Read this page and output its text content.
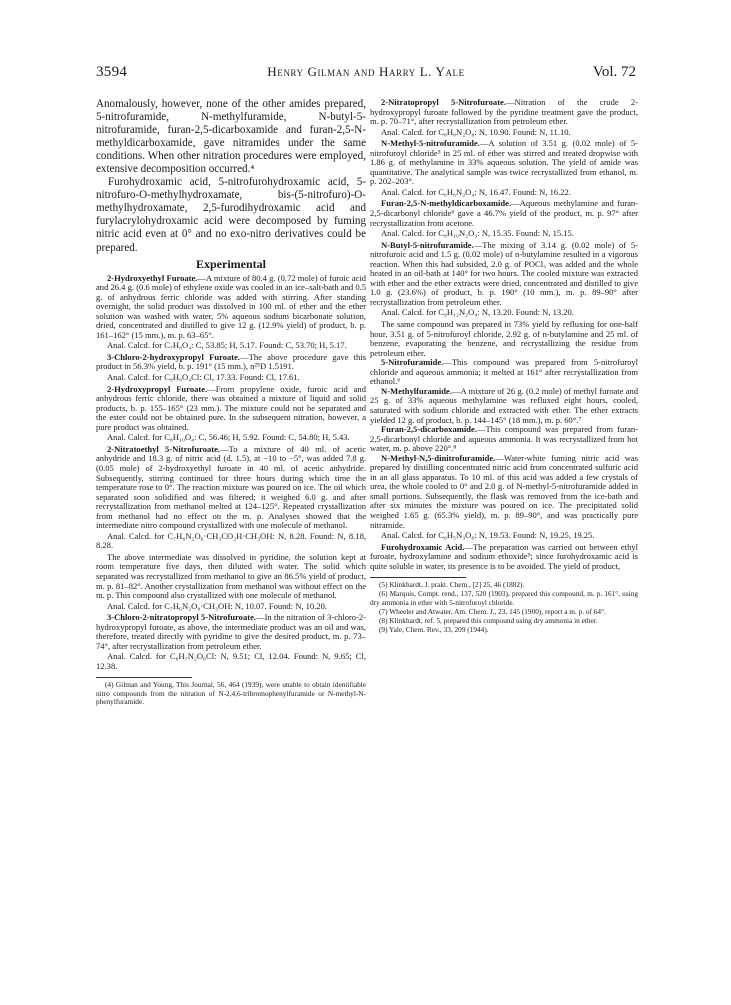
3594	Henry Gilman and Harry L. Yale	Vol. 72

Anomalously, however, none of the other amides prepared, 5-nitrofuramide, N-methylfuramide, N-butyl-5-nitrofuramide, furan-2,5-dicarboxamide and furan-2,5-N-methyldicarboxamide, gave nitramides under the same conditions. When other nitration procedures were employed, extensive decomposition occurred.⁴

Furohydroxamic acid, 5-nitrofurohydroxamic acid, 5-nitrofuro-O-methylhydroxamate, bis-(5-nitrofuro)-O-methylhydroxamate, 2,5-furodihydroxamic acid and furylacrylohydroxamic acid were decomposed by fuming nitric acid even at 0° and no exo-nitro derivatives could be prepared.

Experimental

2-Hydroxyethyl Furoate.—A mixture of 80.4 g. (0.72 mole) of furoic acid and 26.4 g. (0.6 mole) of ethylene oxide was cooled in an ice–salt-bath and 0.5 g. of anhydrous ferric chloride was added with stirring. After standing overnight, the solid product was dissolved in 100 ml. of ether and the ether solution was washed with water, 5% aqueous sodium bicarbonate solution, dried, concentrated and distilled to give 12 g. (12.9% yield) of product, b. p. 161–162° (15 mm.), m. p. 63–65°.

Anal. Calcd. for C₇H₈O₄: C, 53.85; H, 5.17. Found: C, 53.70; H, 5.17.

3-Chloro-2-hydroxypropyl Furoate.—The above procedure gave this product in 56.3% yield, b. p. 191° (15 mm.), n²⁵D 1.5191.

Anal. Calcd. for C₈H₉O₄Cl: Cl, 17.33. Found: Cl, 17.61.

2-Hydroxypropyl Furoate.—From propylene oxide, furoic acid and anhydrous ferric chloride, there was obtained a mixture of liquid and solid products, b. p. 155–165° (23 mm.). The mixture could not be separated and the ester could not be obtained pure. In the subsequent nitration, however, a pure product was obtained.

Anal. Calcd. for C₈H₁₀O₄: C, 56.46; H, 5.92. Found: C, 54.80; H, 5.43.

2-Nitratoethyl 5-Nitrofuroate.—To a mixture of 40 ml. of acetic anhydride and 18.3 g. of nitric acid (d. 1.5), at −10 to −5°, was added 7.8 g. (0.05 mole) of 2-hydroxyethyl furoate in 40 ml. of acetic anhydride. Subsequently, stirring continued for three hours during which time the temperature rose to 0°. The reaction mixture was poured on ice. The oil which separated soon solidified and was filtered; it weighed 6.0 g. and after recrystallization from methanol melted at 124–125°. Repeated crystallization from methanol had no effect on the m. p. Analyses showed that the intermediate nitro compound crystallized with one molecule of methanol.

Anal. Calcd. for C₇H₆N₂O₆·CH₃CO₂H·CH₃OH: N, 8.28. Found: N, 8.18, 8.28.

The above intermediate was dissolved in pyridine, the solution kept at room temperature five days, then diluted with water. The solid which separated was recrystallized from methanol to give an 86.5% yield of product, m. p. 81–82°. Another crystallization from methanol was without effect on the m. p. This compound also crystallized with one molecule of methanol.

Anal. Calcd. for C₇H₆N₂O₈·CH₃OH: N, 10.07. Found: N, 10.20.

3-Chloro-2-nitratopropyl 5-Nitrofuroate.—In the nitration of 3-chloro-2-hydroxypropyl furoate, as above, the intermediate product was an oil and was, therefore, treated directly with pyridine to give the desired product, m. p. 73–74°, after recrystallization from petroleum ether.

Anal. Calcd. for C₈H₇N₂O₈Cl: N, 9.51; Cl, 12.04. Found: N, 9.65; Cl, 12.38.

(4) Gilman and Young, This Journal, 56, 464 (1939), were unable to obtain identifiable nitro compounds from the nitration of N-2,4,6-tribromophenylfuramide or N-methyl-N-phenylfuramide.

2-Nitratopropyl 5-Nitrofuroate.—Nitration of the crude 2-hydroxypropyl furoate followed by the pyridine treatment gave the product, m. p. 70–71°, after recrystallization from petroleum ether.

Anal. Calcd. for C₈H₈N₂O₈: N, 10.90. Found: N, 11.10.

N-Methyl-5-nitrofuramide.—A solution of 3.51 g. (0.02 mole) of 5-nitrofuroyl chloride⁵ in 25 ml. of ether was stirred and treated dropwise with 1.86 g. of methylamine in 33% aqueous solution. The yield of amide was quantitative. The analytical sample was twice recrystallized from ethanol, m. p. 202–203°.

Anal. Calcd. for C₆H₆N₂O₄: N, 16.47. Found: N, 16.22.

Furan-2,5-N-methyldicarboxamide.—Aqueous methylamine and furan-2,5-dicarbonyl chloride⁶ gave a 46.7% yield of the product, m. p. 97° after recrystallization from acetone.

Anal. Calcd. for C₈H₁₀N₂O₃: N, 15.35. Found: N, 15.15.

N-Butyl-5-nitrofuramide.—The mixing of 3.14 g. (0.02 mole) of 5-nitrofuroic acid and 1.5 g. (0.02 mole) of n-butylamine resulted in a vigorous reaction. When this had subsided, 2.0 g. of POCl₃ was added and the whole heated in an oil-bath at 140° for two hours. The cooled mixture was extracted with ether and the ether extracts were dried, concentrated and distilled to give 1.0 g. (23.6%) of product, b. p. 190° (10 mm.), m. p. 89–90° after recrystallization from petroleum ether.

Anal. Calcd. for C₉H₁₂N₂O₄: N, 13.20. Found: N, 13.20.

The same compound was prepared in 73% yield by refluxing for one-half hour, 3.51 g. of 5-nitrofuroyl chloride, 2.92 g. of n-butylamine and 25 ml. of benzene, evaporating the benzene, and recrystallizing the residue from petroleum ether.

5-Nitrofuramide.—This compound was prepared from 5-nitrofuroyl chloride and aqueous ammonia; it melted at 161° after recrystallization from ethanol.⁶

N-Methylfuramide.—A mixture of 26 g. (0.2 mole) of methyl furoate and 25 g. of 33% aqueous methylamine was refluxed eight hours, cooled, saturated with sodium chloride and extracted with ether. The ether extracts yielded 12 g. of product, b. p. 144–145° (18 mm.), m. p. 60°.⁷

Furan-2,5-dicarboxamide.—This compound was prepared from furan-2,5-dicarbonyl chloride and aqueous ammonia. It was recrystallized from hot water, m. p. above 220°.⁸

N-Methyl-N,5-dinitrofuramide.—Water-white fuming nitric acid was prepared by distilling concentrated nitric acid from concentrated sulfuric acid in an all glass apparatus. To 10 ml. of this acid was added a few crystals of urea, the whole cooled to 0° and 2.0 g. of N-methyl-5-nitrofuramide added in small portions. Subsequently, the flask was removed from the ice-bath and after six minutes the mixture was poured on ice. The precipitated solid weighed 1.65 g. (65.3% yield), m. p. 89–90°, and was practically pure nitramide.

Anal. Calcd. for C₆H₅N₃O₆: N, 19.53. Found: N, 19.25, 19.25.

Furohydroxamic Acid.—The preparation was carried out between ethyl furoate, hydroxylamine and sodium ethoxide⁹; since furohydroxamic acid is quite soluble in water, its presence is to be avoided. The yield of product,

(5) Klinkhardt, J. prakt. Chem., [2] 25, 46 (1882).

(6) Marquis, Compt. rend., 137, 520 (1903), prepared this compound, m. p. 161°, using dry ammonia in ether with 5-nitrofuroyl chloride.

(7) Wheeler and Atwater, Am. Chem. J., 23, 145 (1900), report a m. p. of 64°.

(8) Klinkhardt, ref. 5, prepared this compound using dry ammonia in ether.

(9) Yale, Chem. Rev., 33, 209 (1944).
